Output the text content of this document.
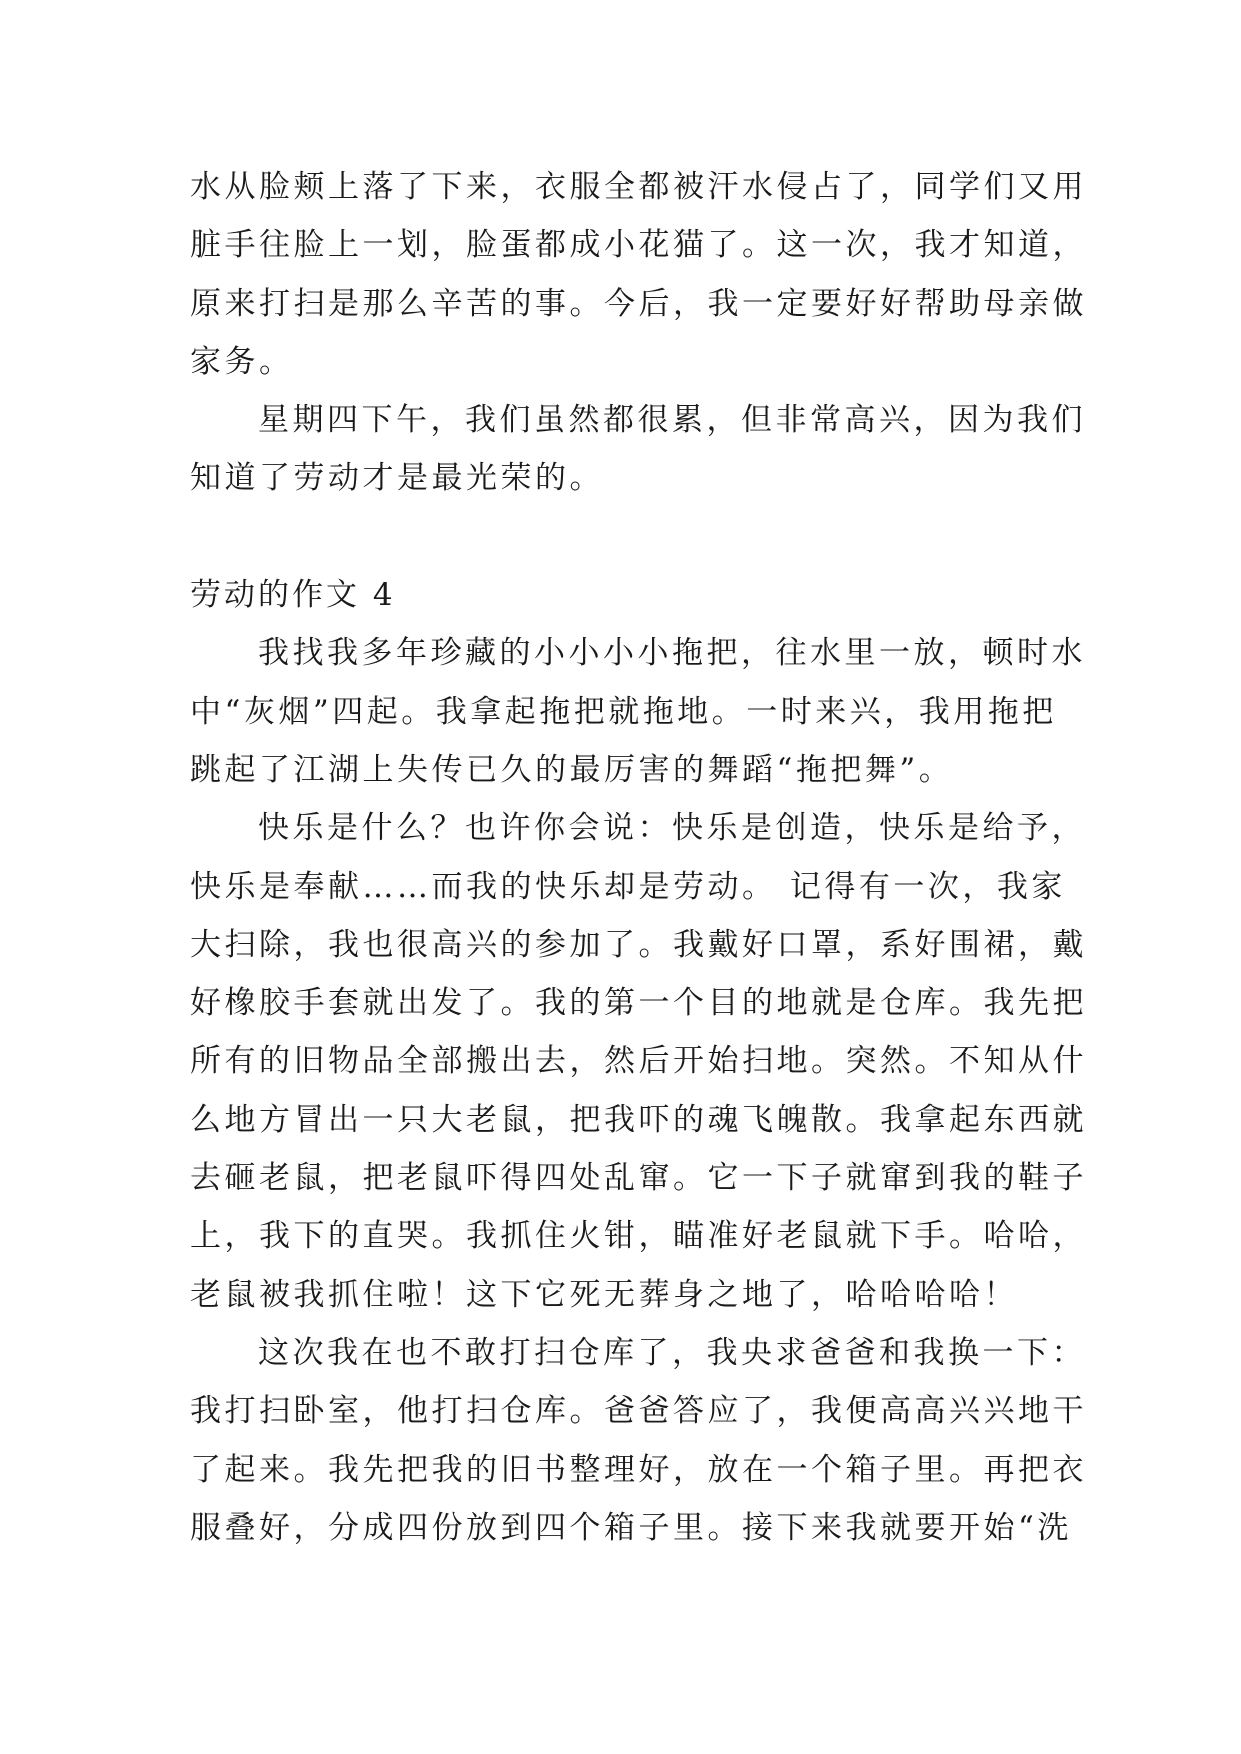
水从脸颊上落了下来，衣服全都被汗水侵占了，同学们又用
脏手往脸上一划，脸蛋都成小花猫了。这一次，我才知道，
原来打扫是那么辛苦的事。今后，我一定要好好帮助母亲做
家务。
星期四下午，我们虽然都很累，但非常高兴，因为我们
知道了劳动才是最光荣的。
劳动的作文 4
我找我多年珍藏的小小小小拖把，往水里一放，顿时水
中“灰烟”四起。我拿起拖把就拖地。一时来兴，我用拖把
跳起了江湖上失传已久的最厉害的舞蹈“拖把舞”。
快乐是什么？也许你会说：快乐是创造，快乐是给予，
快乐是奉献……而我的快乐却是劳动。 记得有一次，我家
大扫除，我也很高兴的参加了。我戴好口罩，系好围裙，戴
好橡胶手套就出发了。我的第一个目的地就是仓库。我先把
所有的旧物品全部搬出去，然后开始扫地。突然。不知从什
么地方冒出一只大老鼠，把我吓的魂飞魄散。我拿起东西就
去砸老鼠，把老鼠吓得四处乱窜。它一下子就窜到我的鞋子
上，我下的直哭。我抓住火钳，瞄准好老鼠就下手。哈哈，
老鼠被我抓住啦！这下它死无葬身之地了，哈哈哈哈！
这次我在也不敢打扫仓库了，我央求爸爸和我换一下：
我打扫卧室，他打扫仓库。爸爸答应了，我便高高兴兴地干
了起来。我先把我的旧书整理好，放在一个箱子里。再把衣
服叠好，分成四份放到四个箱子里。接下来我就要开始“洗
